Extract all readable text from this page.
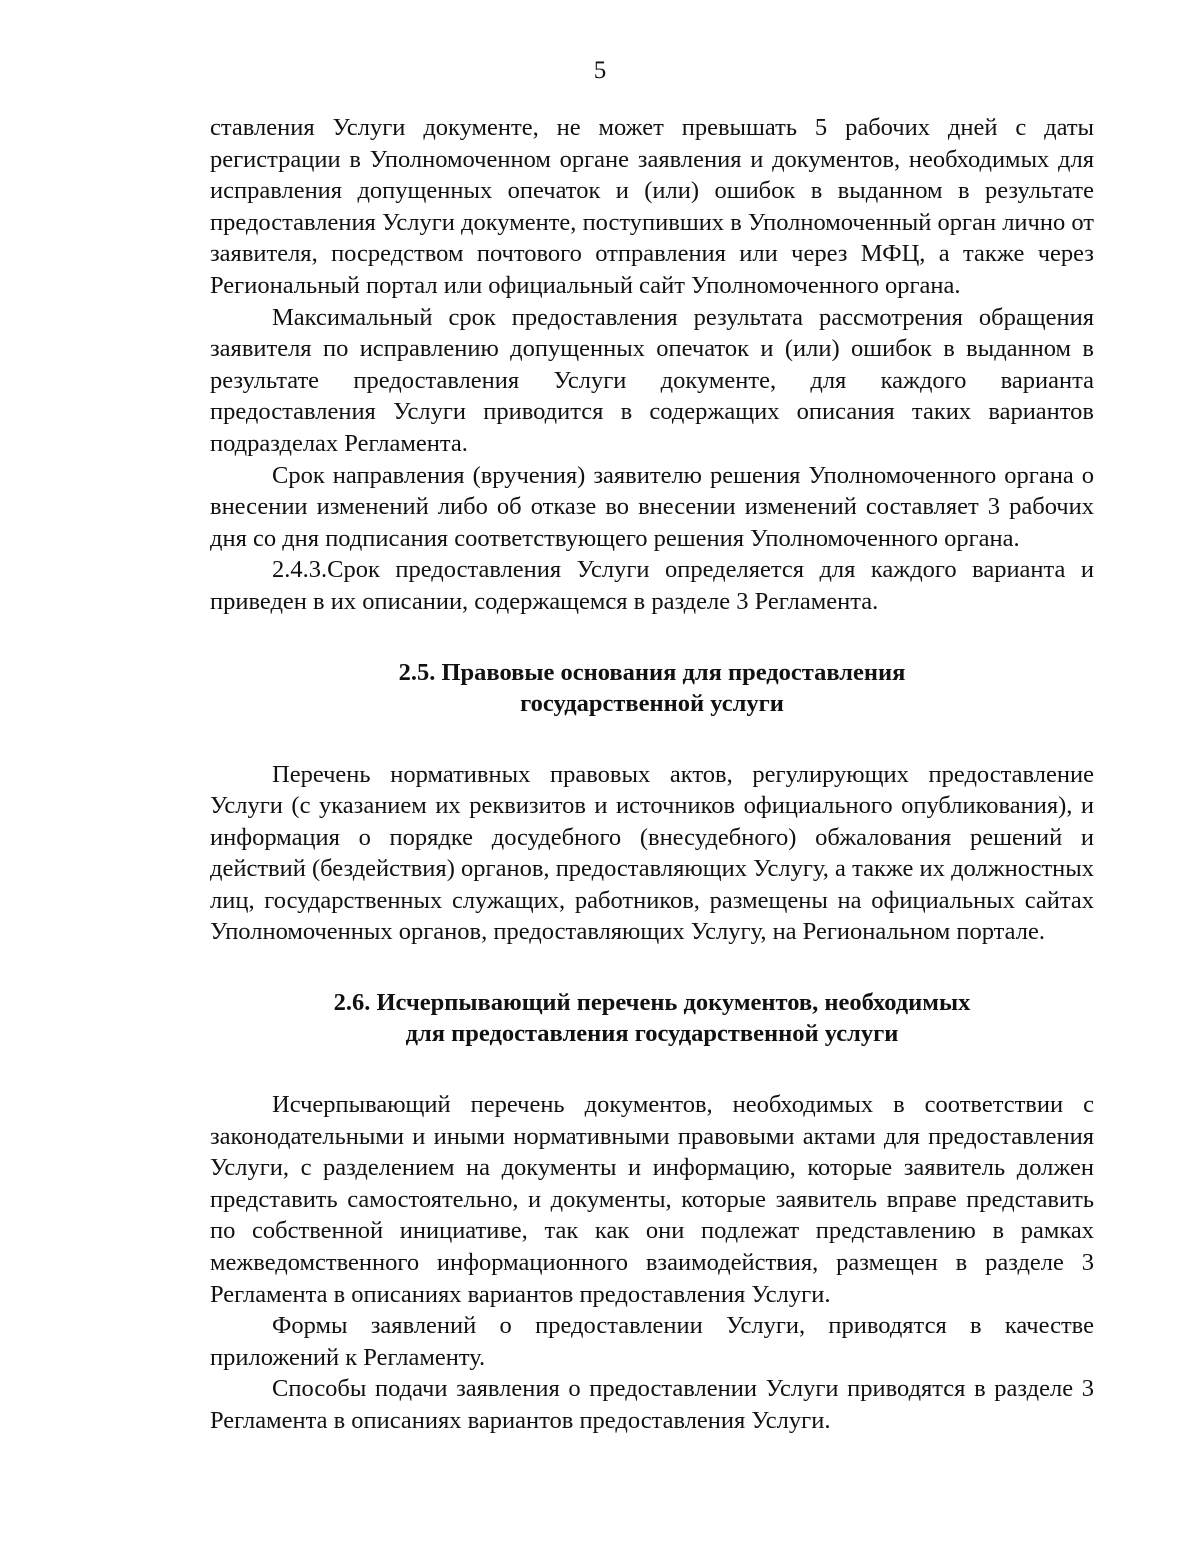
5

ставления Услуги документе, не может превышать 5 рабочих дней с даты регистрации в Уполномоченном органе заявления и документов, необходимых для исправления допущенных опечаток и (или) ошибок в выданном в результате предоставления Услуги документе, поступивших в Уполномоченный орган лично от заявителя, посредством почтового отправления или через МФЦ, а также через Региональный портал или официальный сайт Уполномоченного органа.

Максимальный срок предоставления результата рассмотрения обращения заявителя по исправлению допущенных опечаток и (или) ошибок в выданном в результате предоставления Услуги документе, для каждого варианта предоставления Услуги приводится в содержащих описания таких вариантов подразделах Регламента.

Срок направления (вручения) заявителю решения Уполномоченного органа о внесении изменений либо об отказе во внесении изменений составляет 3 рабочих дня со дня подписания соответствующего решения Уполномоченного органа.

2.4.3.Срок предоставления Услуги определяется для каждого варианта и приведен в их описании, содержащемся в разделе 3 Регламента.

2.5. Правовые основания для предоставления
государственной услуги

Перечень нормативных правовых актов, регулирующих предоставление Услуги (с указанием их реквизитов и источников официального опубликования), и информация о порядке досудебного (внесудебного) обжалования решений и действий (бездействия) органов, предоставляющих Услугу, а также их должностных лиц, государственных служащих, работников, размещены на официальных сайтах Уполномоченных органов, предоставляющих Услугу, на Региональном портале.

2.6. Исчерпывающий перечень документов, необходимых
для предоставления государственной услуги

Исчерпывающий перечень документов, необходимых в соответствии с законодательными и иными нормативными правовыми актами для предоставления Услуги, с разделением на документы и информацию, которые заявитель должен представить самостоятельно, и документы, которые заявитель вправе представить по собственной инициативе, так как они подлежат представлению в рамках межведомственного информационного взаимодействия, размещен в разделе 3 Регламента в описаниях вариантов предоставления Услуги.

Формы заявлений о предоставлении Услуги, приводятся в качестве приложений к Регламенту.

Способы подачи заявления о предоставлении Услуги приводятся в разделе 3 Регламента в описаниях вариантов предоставления Услуги.
